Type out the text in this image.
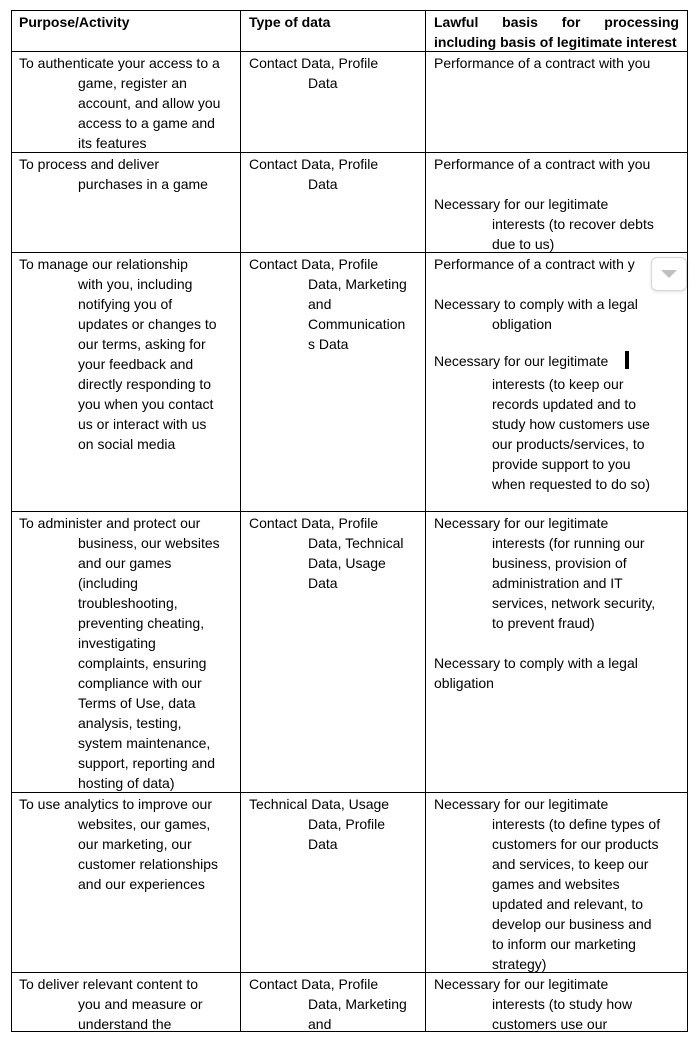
Purpose/Activity	Type of data	Lawful basis for processing
including basis of legitimate interest
To authenticate your access to a
game, register an
account, and allow you
access to a game and
its features
Contact Data, Profile
Data
Performance of a contract with you
To process and deliver
purchases in a game
Contact Data, Profile
Data
Performance of a contract with you
Necessary for our legitimate
interests (to recover debts
due to us)
To manage our relationship
with you, including
notifying you of
updates or changes to
our terms, asking for
your feedback and
directly responding to
you when you contact
us or interact with us
on social media
Contact Data, Profile
Data, Marketing
and
Communication
s Data
Performance of a contract with y
Necessary to comply with a legal
obligation
Necessary for our legitimate
interests (to keep our
records updated and to
study how customers use
our products/services, to
provide support to you
when requested to do so)
To administer and protect our
business, our websites
and our games
(including
troubleshooting,
preventing cheating,
investigating
complaints, ensuring
compliance with our
Terms of Use, data
analysis, testing,
system maintenance,
support, reporting and
hosting of data)
Contact Data, Profile
Data, Technical
Data, Usage
Data
Necessary for our legitimate
interests (for running our
business, provision of
administration and IT
services, network security,
to prevent fraud)
Necessary to comply with a legal
obligation
To use analytics to improve our
websites, our games,
our marketing, our
customer relationships
and our experiences
Technical Data, Usage
Data, Profile
Data
Necessary for our legitimate
interests (to define types of
customers for our products
and services, to keep our
games and websites
updated and relevant, to
develop our business and
to inform our marketing
strategy)
To deliver relevant content to
you and measure or
understand the
Contact Data, Profile
Data, Marketing
and
Necessary for our legitimate
interests (to study how
customers use our
